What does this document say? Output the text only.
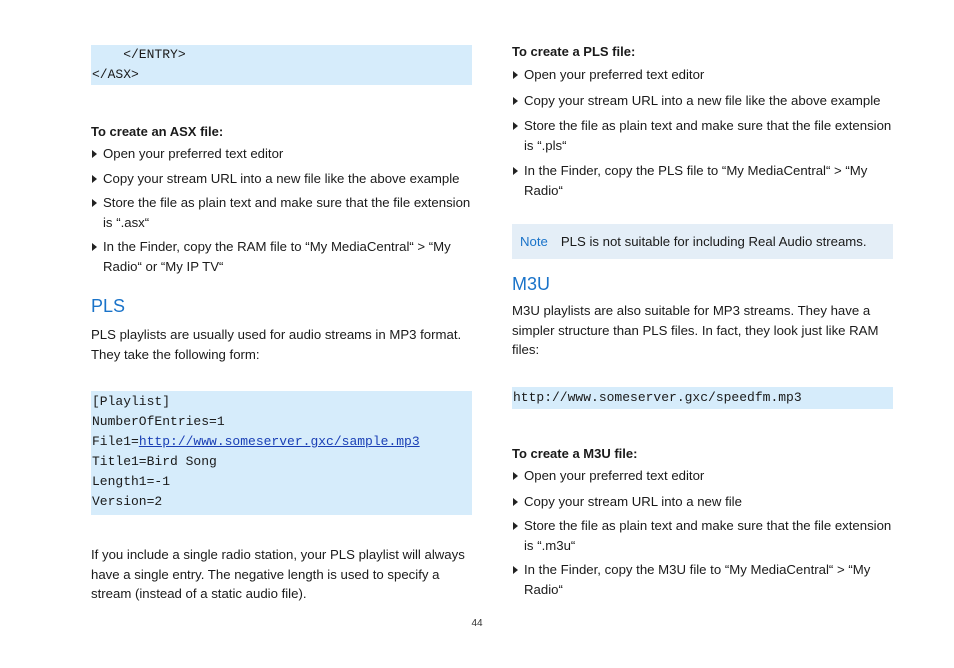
</ENTRY>
</ASX>
To create an ASX file:
Open your preferred text editor
Copy your stream URL into a new file like the above example
Store the file as plain text and make sure that the file extension is “.asx“
In the Finder, copy the RAM file to “My MediaCentral“ > “My Radio“ or “My IP TV“
PLS
PLS playlists are usually used for audio streams in MP3 format. They take the following form:
[Playlist]
NumberOfEntries=1
File1=http://www.someserver.gxc/sample.mp3
Title1=Bird Song
Length1=-1
Version=2
If you include a single radio station, your PLS playlist will always have a single entry. The negative length is used to specify a stream (instead of a static audio file).
To create a PLS file:
Open your preferred text editor
Copy your stream URL into a new file like the above example
Store the file as plain text and make sure that the file extension is “.pls“
In the Finder, copy the PLS file to “My MediaCentral“ > “My Radio“
Note PLS is not suitable for including Real Audio streams.
M3U
M3U playlists are also suitable for MP3 streams. They have a simpler structure than PLS files. In fact, they look just like RAM files:
http://www.someserver.gxc/speedfm.mp3
To create a M3U file:
Open your preferred text editor
Copy your stream URL into a new file
Store the file as plain text and make sure that the file extension is “.m3u“
In the Finder, copy the M3U file to “My MediaCentral“ > “My Radio“
44
